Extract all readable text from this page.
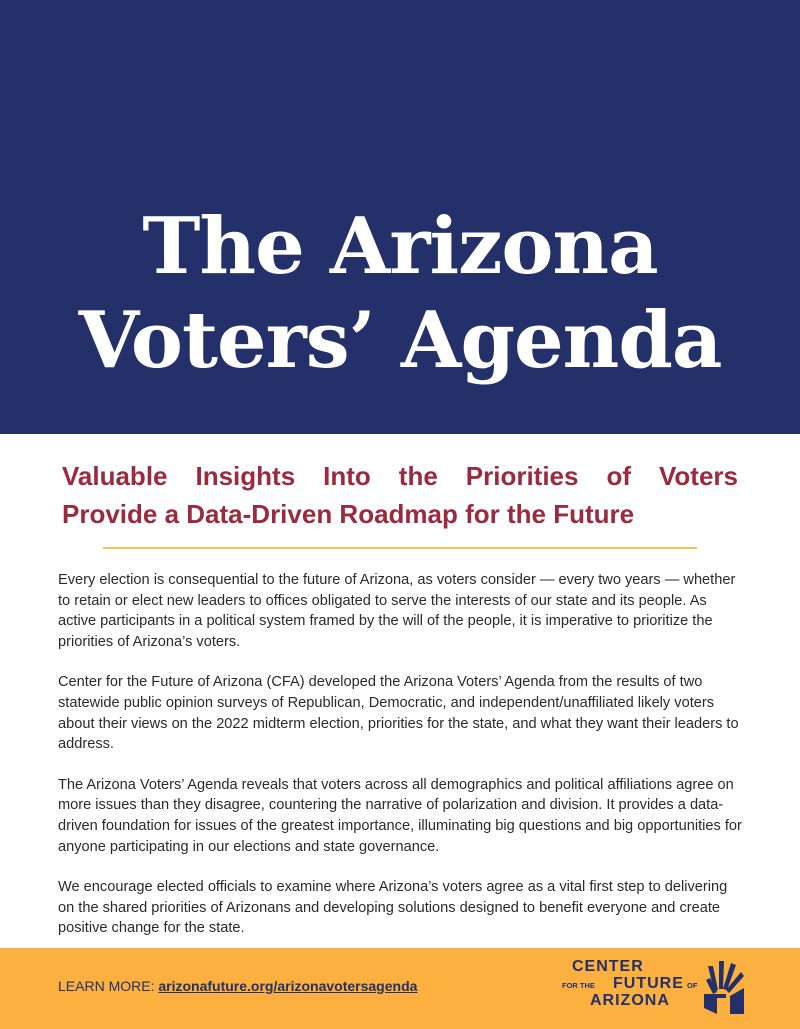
The Arizona
Voters’ Agenda
Valuable Insights Into the Priorities of Voters
Provide a Data-Driven Roadmap for the Future

Every election is consequential to the future of Arizona, as voters consider — every two years — whether to retain or elect new leaders to offices obligated to serve the interests of our state and its people. As active participants in a political system framed by the will of the people, it is imperative to prioritize the priorities of Arizona’s voters.

Center for the Future of Arizona (CFA) developed the Arizona Voters’ Agenda from the results of two statewide public opinion surveys of Republican, Democratic, and independent/unaffiliated likely voters about their views on the 2022 midterm election, priorities for the state, and what they want their leaders to address.

The Arizona Voters’ Agenda reveals that voters across all demographics and political affiliations agree on more issues than they disagree, countering the narrative of polarization and division. It provides a data-driven foundation for issues of the greatest importance, illuminating big questions and big opportunities for anyone participating in our elections and state governance.

We encourage elected officials to examine where Arizona’s voters agree as a vital first step to delivering on the shared priorities of Arizonans and developing solutions designed to benefit everyone and create positive change for the state.

LEARN MORE: arizonafuture.org/arizonavotersagenda
CENTER
FOR THE FUTURE OF
ARIZONA
